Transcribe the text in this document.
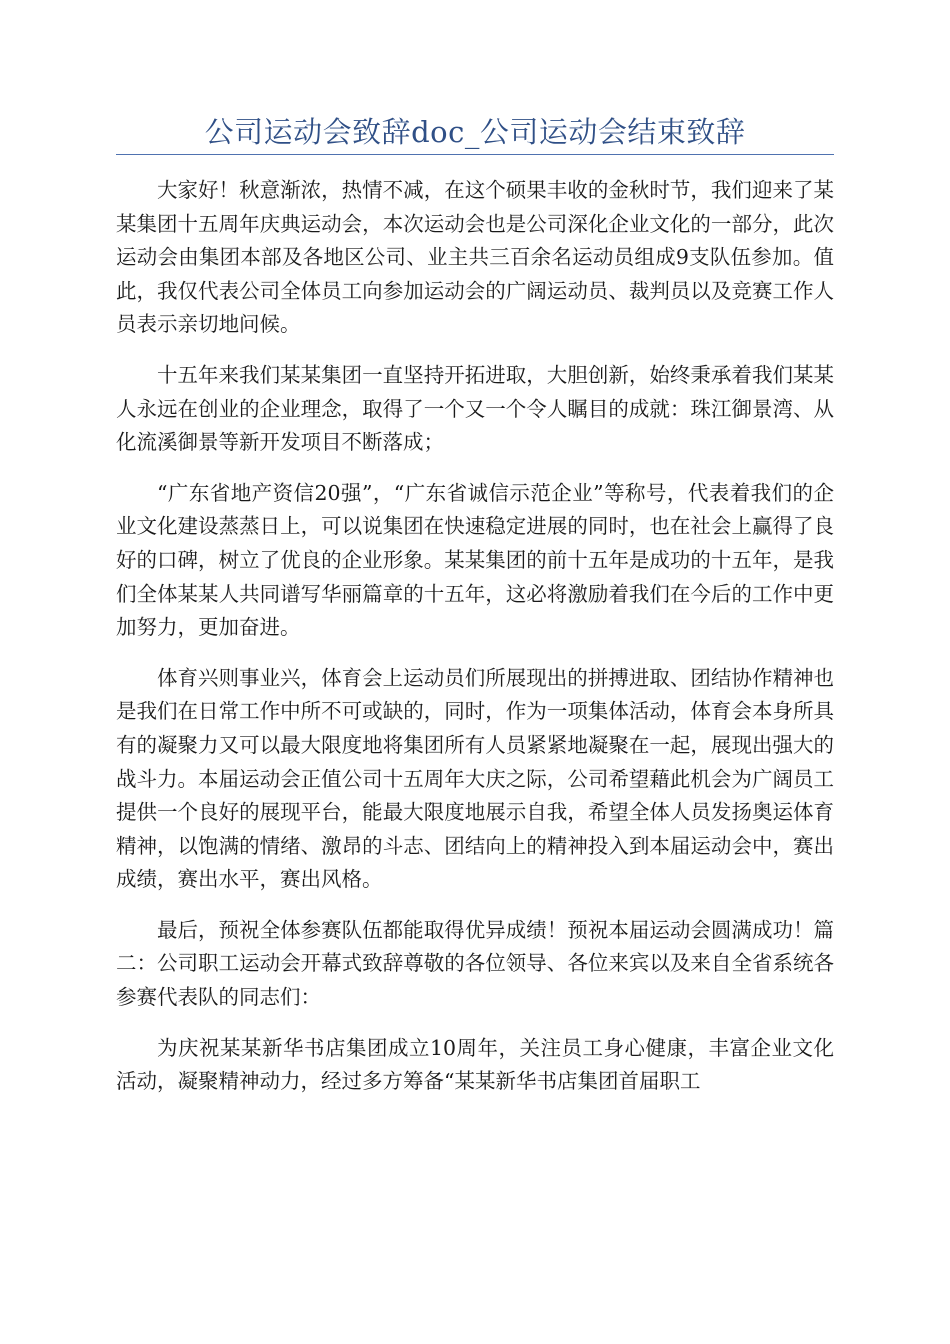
公司运动会致辞doc_公司运动会结束致辞

大家好！秋意渐浓，热情不减，在这个硕果丰收的金秋时节，我们迎来了某某集团十五周年庆典运动会，本次运动会也是公司深化企业文化的一部分，此次运动会由集团本部及各地区公司、业主共三百余名运动员组成9支队伍参加。值此，我仅代表公司全体员工向参加运动会的广阔运动员、裁判员以及竞赛工作人员表示亲切地问候。

十五年来我们某某集团一直坚持开拓进取，大胆创新，始终秉承着我们某某人永远在创业的企业理念，取得了一个又一个令人瞩目的成就：珠江御景湾、从化流溪御景等新开发项目不断落成；

“广东省地产资信20强”，“广东省诚信示范企业”等称号，代表着我们的企业文化建设蒸蒸日上，可以说集团在快速稳定进展的同时，也在社会上赢得了良好的口碑，树立了优良的企业形象。某某集团的前十五年是成功的十五年，是我们全体某某人共同谱写华丽篇章的十五年，这必将激励着我们在今后的工作中更加努力，更加奋进。

体育兴则事业兴，体育会上运动员们所展现出的拼搏进取、团结协作精神也是我们在日常工作中所不可或缺的，同时，作为一项集体活动，体育会本身所具有的凝聚力又可以最大限度地将集团所有人员紧紧地凝聚在一起，展现出强大的战斗力。本届运动会正值公司十五周年大庆之际，公司希望藉此机会为广阔员工提供一个良好的展现平台，能最大限度地展示自我，希望全体人员发扬奥运体育精神，以饱满的情绪、激昂的斗志、团结向上的精神投入到本届运动会中，赛出成绩，赛出水平，赛出风格。

最后，预祝全体参赛队伍都能取得优异成绩！预祝本届运动会圆满成功！篇二：公司职工运动会开幕式致辞尊敬的各位领导、各位来宾以及来自全省系统各参赛代表队的同志们：

为庆祝某某新华书店集团成立10周年，关注员工身心健康，丰富企业文化活动，凝聚精神动力，经过多方筹备“某某新华书店集团首届职工
